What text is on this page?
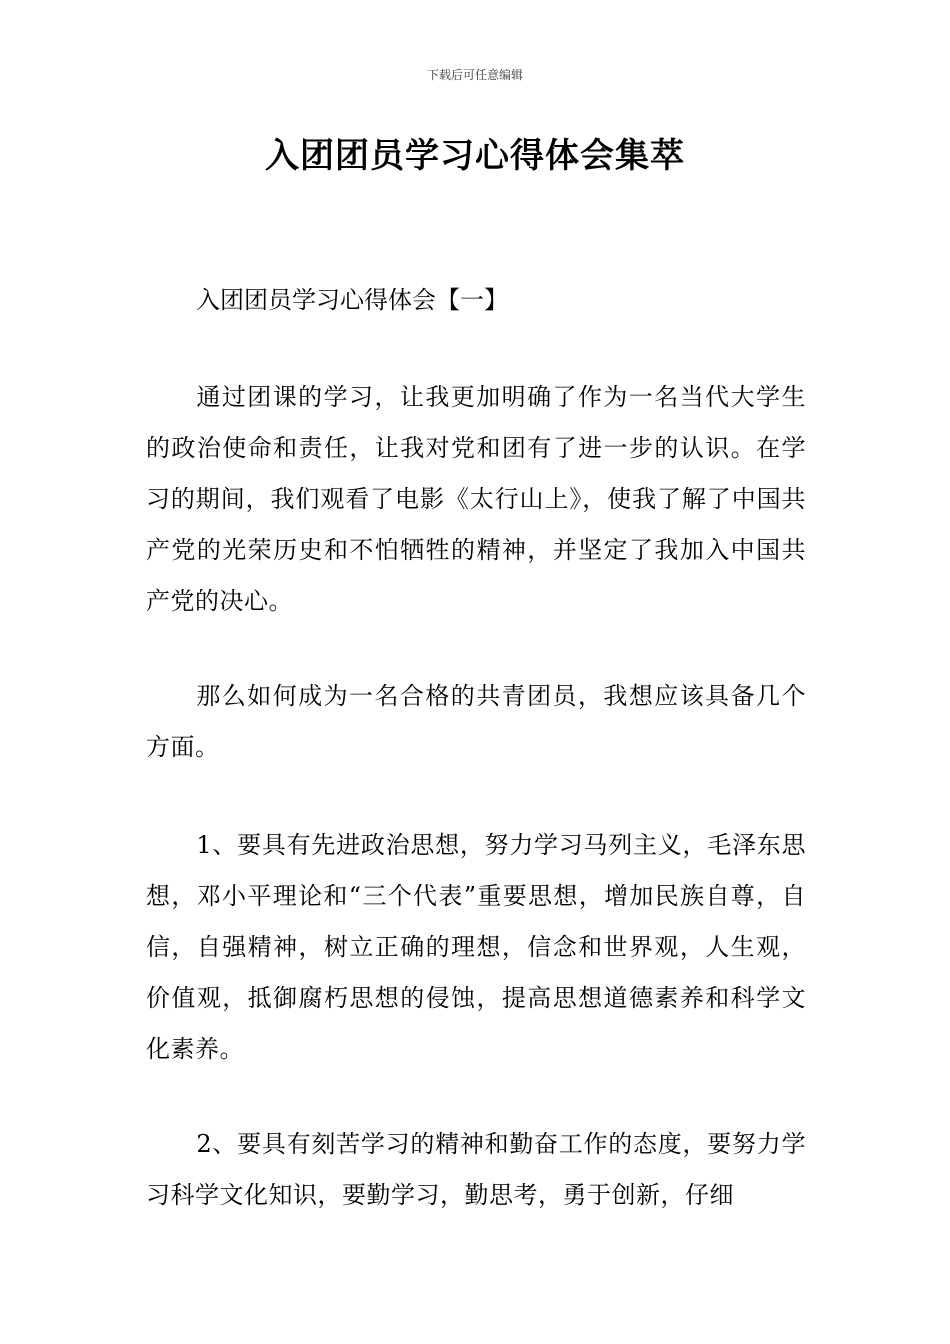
下载后可任意编辑
入团团员学习心得体会集萃
入团团员学习心得体会【一】
通过团课的学习，让我更加明确了作为一名当代大学生的政治使命和责任，让我对党和团有了进一步的认识。在学习的期间，我们观看了电影《太行山上》，使我了解了中国共产党的光荣历史和不怕牺牲的精神，并坚定了我加入中国共产党的决心。
那么如何成为一名合格的共青团员，我想应该具备几个方面。
1、要具有先进政治思想，努力学习马列主义，毛泽东思想，邓小平理论和“三个代表”重要思想，增加民族自尊，自信，自强精神，树立正确的理想，信念和世界观，人生观，价值观，抵御腐朽思想的侵蚀，提高思想道德素养和科学文化素养。
2、要具有刻苦学习的精神和勤奋工作的态度，要努力学习科学文化知识，要勤学习，勤思考，勇于创新，仔细
